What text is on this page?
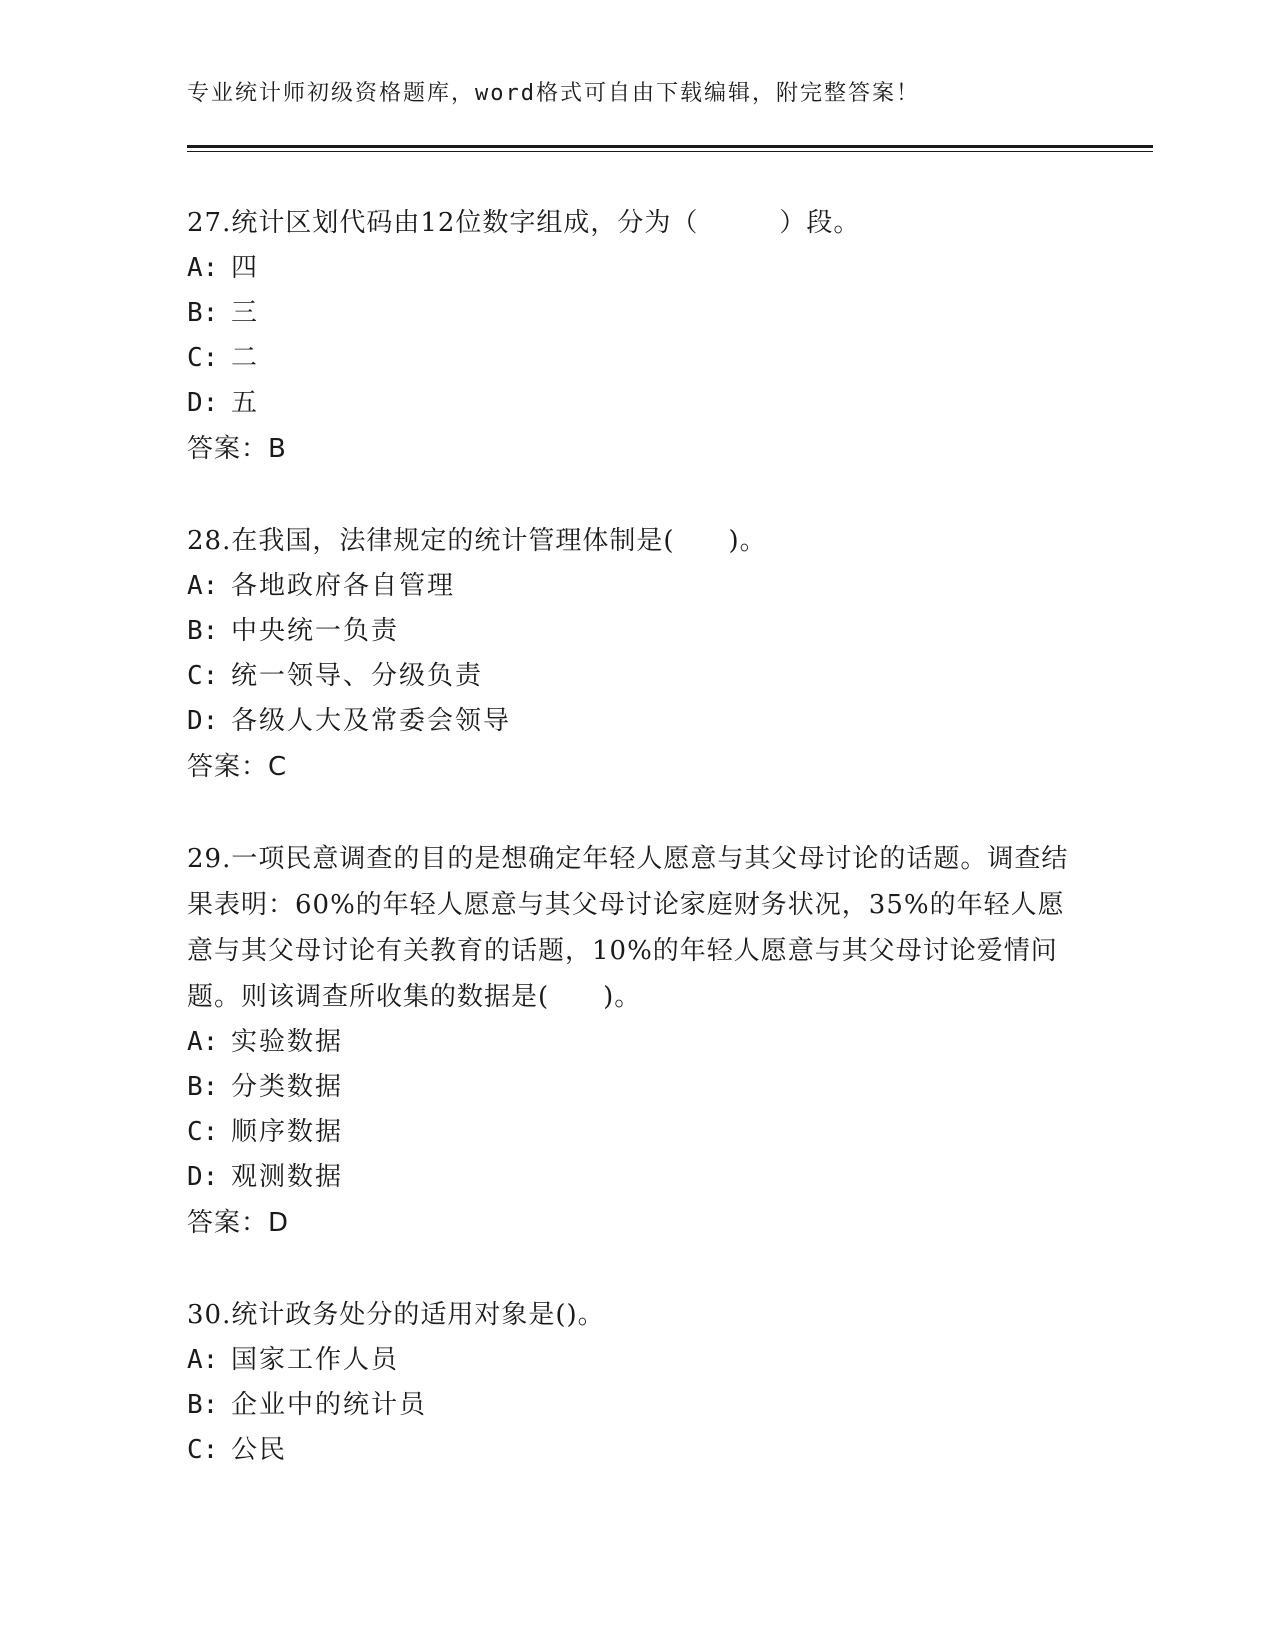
专业统计师初级资格题库，word格式可自由下载编辑，附完整答案！

27.统计区划代码由12位数字组成，分为（　　　）段。

A: 四

B: 三

C: 二

D: 五

答案：B

28.在我国，法律规定的统计管理体制是(　　)。

A: 各地政府各自管理

B: 中央统一负责

C: 统一领导、分级负责

D: 各级人大及常委会领导

答案：C

29.一项民意调查的目的是想确定年轻人愿意与其父母讨论的话题。调查结果表明：60%的年轻人愿意与其父母讨论家庭财务状况，35%的年轻人愿意与其父母讨论有关教育的话题，10%的年轻人愿意与其父母讨论爱情问题。则该调查所收集的数据是(　　)。

A: 实验数据

B: 分类数据

C: 顺序数据

D: 观测数据

答案：D

30.统计政务处分的适用对象是()。

A: 国家工作人员

B: 企业中的统计员

C: 公民
